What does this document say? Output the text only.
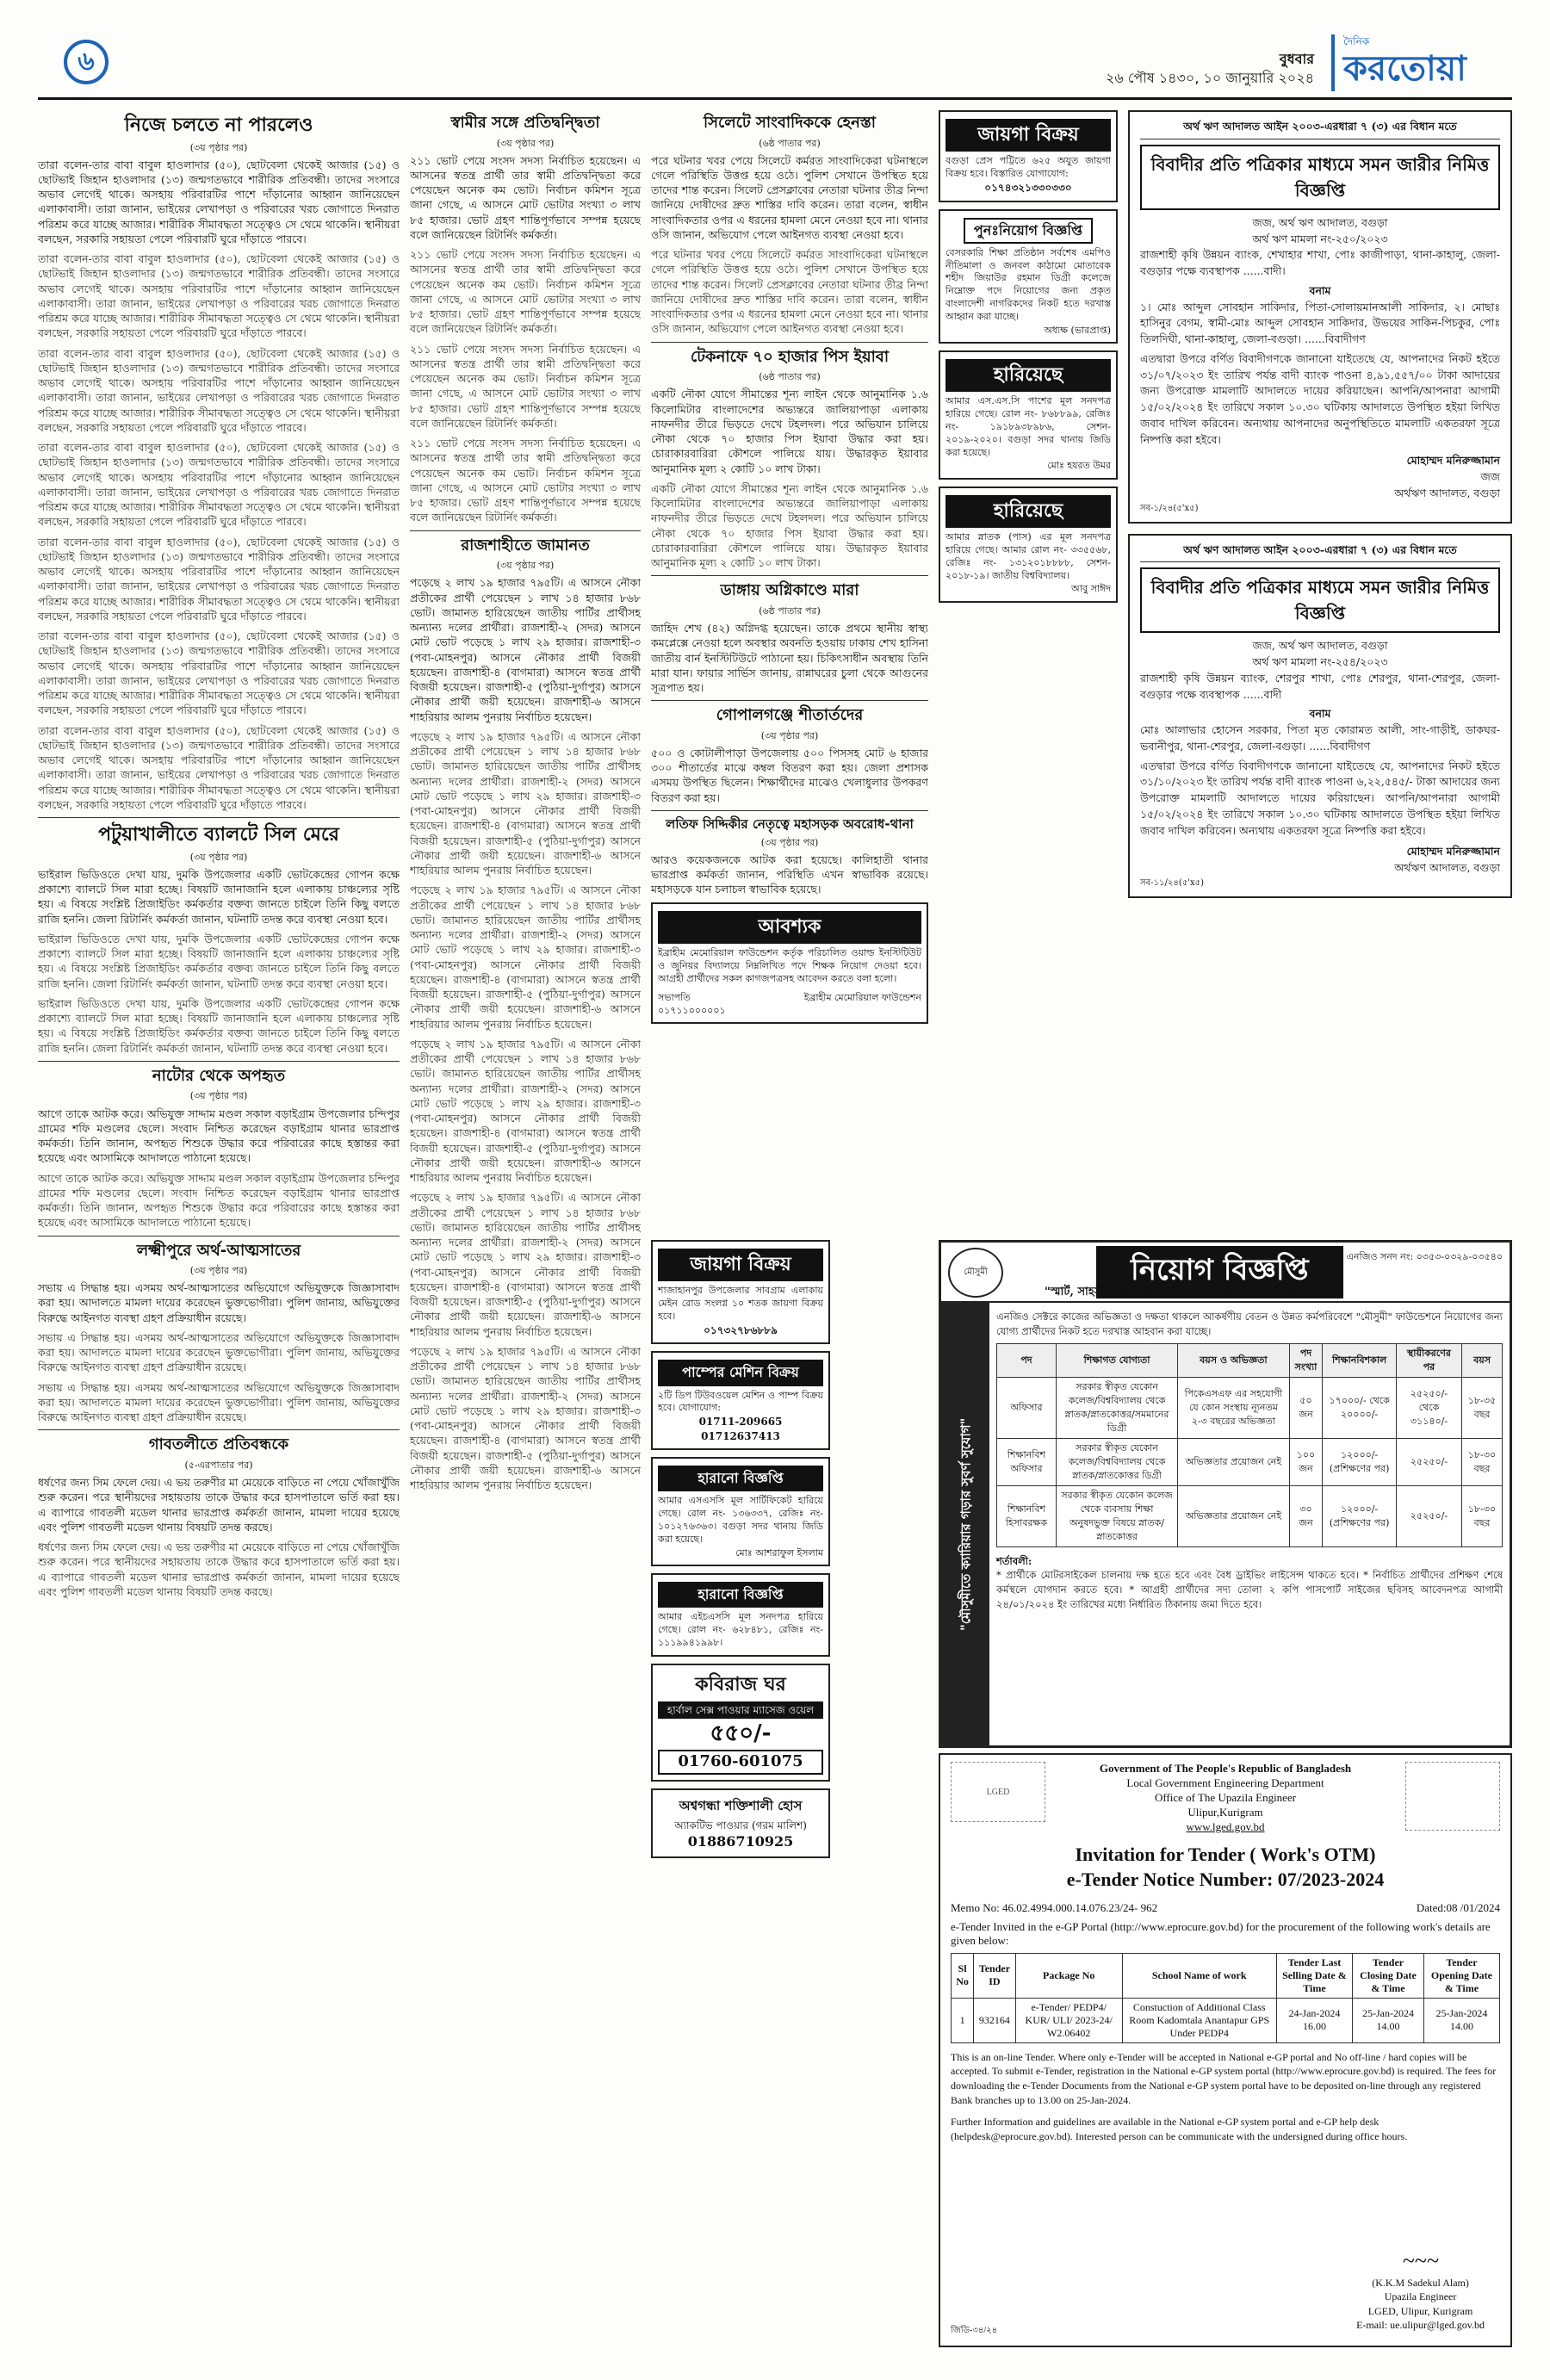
৬	বুধবার
২৬ পৌষ ১৪৩০, ১০ জানুয়ারি ২০২৪
দৈনিক
করতোয়া
নিজে চলতে না পারলেও
(৩য় পৃষ্ঠার পর)
তারা বলেন-তার বাবা বাবুল হাওলাদার (৫০), ছোটবেলা থেকেই আজার (১৫) ও ছোটভাই জিহান হাওলাদার (১৩) জন্মগতভাবে শারীরিক প্রতিবন্ধী। তাদের সংসারে অভাব লেগেই থাকে। অসহায় পরিবারটির পাশে দাঁড়ানোর আহ্বান জানিয়েছেন এলাকাবাসী। তারা জানান, ভাইয়ের লেখাপড়া ও পরিবারের খরচ জোগাতে দিনরাত পরিশ্রম করে যাচ্ছে আজার। শারীরিক সীমাবদ্ধতা সত্ত্বেও সে থেমে থাকেনি। স্থানীয়রা বলছেন, সরকারি সহায়তা পেলে পরিবারটি ঘুরে দাঁড়াতে পারবে।
তারা বলেন-তার বাবা বাবুল হাওলাদার (৫০), ছোটবেলা থেকেই আজার (১৫) ও ছোটভাই জিহান হাওলাদার (১৩) জন্মগতভাবে শারীরিক প্রতিবন্ধী। তাদের সংসারে অভাব লেগেই থাকে। অসহায় পরিবারটির পাশে দাঁড়ানোর আহ্বান জানিয়েছেন এলাকাবাসী। তারা জানান, ভাইয়ের লেখাপড়া ও পরিবারের খরচ জোগাতে দিনরাত পরিশ্রম করে যাচ্ছে আজার। শারীরিক সীমাবদ্ধতা সত্ত্বেও সে থেমে থাকেনি। স্থানীয়রা বলছেন, সরকারি সহায়তা পেলে পরিবারটি ঘুরে দাঁড়াতে পারবে।
তারা বলেন-তার বাবা বাবুল হাওলাদার (৫০), ছোটবেলা থেকেই আজার (১৫) ও ছোটভাই জিহান হাওলাদার (১৩) জন্মগতভাবে শারীরিক প্রতিবন্ধী। তাদের সংসারে অভাব লেগেই থাকে। অসহায় পরিবারটির পাশে দাঁড়ানোর আহ্বান জানিয়েছেন এলাকাবাসী। তারা জানান, ভাইয়ের লেখাপড়া ও পরিবারের খরচ জোগাতে দিনরাত পরিশ্রম করে যাচ্ছে আজার। শারীরিক সীমাবদ্ধতা সত্ত্বেও সে থেমে থাকেনি। স্থানীয়রা বলছেন, সরকারি সহায়তা পেলে পরিবারটি ঘুরে দাঁড়াতে পারবে।
তারা বলেন-তার বাবা বাবুল হাওলাদার (৫০), ছোটবেলা থেকেই আজার (১৫) ও ছোটভাই জিহান হাওলাদার (১৩) জন্মগতভাবে শারীরিক প্রতিবন্ধী। তাদের সংসারে অভাব লেগেই থাকে। অসহায় পরিবারটির পাশে দাঁড়ানোর আহ্বান জানিয়েছেন এলাকাবাসী। তারা জানান, ভাইয়ের লেখাপড়া ও পরিবারের খরচ জোগাতে দিনরাত পরিশ্রম করে যাচ্ছে আজার। শারীরিক সীমাবদ্ধতা সত্ত্বেও সে থেমে থাকেনি। স্থানীয়রা বলছেন, সরকারি সহায়তা পেলে পরিবারটি ঘুরে দাঁড়াতে পারবে।
তারা বলেন-তার বাবা বাবুল হাওলাদার (৫০), ছোটবেলা থেকেই আজার (১৫) ও ছোটভাই জিহান হাওলাদার (১৩) জন্মগতভাবে শারীরিক প্রতিবন্ধী। তাদের সংসারে অভাব লেগেই থাকে। অসহায় পরিবারটির পাশে দাঁড়ানোর আহ্বান জানিয়েছেন এলাকাবাসী। তারা জানান, ভাইয়ের লেখাপড়া ও পরিবারের খরচ জোগাতে দিনরাত পরিশ্রম করে যাচ্ছে আজার। শারীরিক সীমাবদ্ধতা সত্ত্বেও সে থেমে থাকেনি। স্থানীয়রা বলছেন, সরকারি সহায়তা পেলে পরিবারটি ঘুরে দাঁড়াতে পারবে।
তারা বলেন-তার বাবা বাবুল হাওলাদার (৫০), ছোটবেলা থেকেই আজার (১৫) ও ছোটভাই জিহান হাওলাদার (১৩) জন্মগতভাবে শারীরিক প্রতিবন্ধী। তাদের সংসারে অভাব লেগেই থাকে। অসহায় পরিবারটির পাশে দাঁড়ানোর আহ্বান জানিয়েছেন এলাকাবাসী। তারা জানান, ভাইয়ের লেখাপড়া ও পরিবারের খরচ জোগাতে দিনরাত পরিশ্রম করে যাচ্ছে আজার। শারীরিক সীমাবদ্ধতা সত্ত্বেও সে থেমে থাকেনি। স্থানীয়রা বলছেন, সরকারি সহায়তা পেলে পরিবারটি ঘুরে দাঁড়াতে পারবে।
তারা বলেন-তার বাবা বাবুল হাওলাদার (৫০), ছোটবেলা থেকেই আজার (১৫) ও ছোটভাই জিহান হাওলাদার (১৩) জন্মগতভাবে শারীরিক প্রতিবন্ধী। তাদের সংসারে অভাব লেগেই থাকে। অসহায় পরিবারটির পাশে দাঁড়ানোর আহ্বান জানিয়েছেন এলাকাবাসী। তারা জানান, ভাইয়ের লেখাপড়া ও পরিবারের খরচ জোগাতে দিনরাত পরিশ্রম করে যাচ্ছে আজার। শারীরিক সীমাবদ্ধতা সত্ত্বেও সে থেমে থাকেনি। স্থানীয়রা বলছেন, সরকারি সহায়তা পেলে পরিবারটি ঘুরে দাঁড়াতে পারবে।
পটুয়াখালীতে ব্যালটে সিল মেরে
(৩য় পৃষ্ঠার পর)
ভাইরাল ভিডিওতে দেখা যায়, দুমকি উপজেলার একটি ভোটকেন্দ্রের গোপন কক্ষে প্রকাশ্যে ব্যালটে সিল মারা হচ্ছে। বিষয়টি জানাজানি হলে এলাকায় চাঞ্চল্যের সৃষ্টি হয়। এ বিষয়ে সংশ্লিষ্ট প্রিজাইডিং কর্মকর্তার বক্তব্য জানতে চাইলে তিনি কিছু বলতে রাজি হননি। জেলা রিটার্নিং কর্মকর্তা জানান, ঘটনাটি তদন্ত করে ব্যবস্থা নেওয়া হবে।
ভাইরাল ভিডিওতে দেখা যায়, দুমকি উপজেলার একটি ভোটকেন্দ্রের গোপন কক্ষে প্রকাশ্যে ব্যালটে সিল মারা হচ্ছে। বিষয়টি জানাজানি হলে এলাকায় চাঞ্চল্যের সৃষ্টি হয়। এ বিষয়ে সংশ্লিষ্ট প্রিজাইডিং কর্মকর্তার বক্তব্য জানতে চাইলে তিনি কিছু বলতে রাজি হননি। জেলা রিটার্নিং কর্মকর্তা জানান, ঘটনাটি তদন্ত করে ব্যবস্থা নেওয়া হবে।
ভাইরাল ভিডিওতে দেখা যায়, দুমকি উপজেলার একটি ভোটকেন্দ্রের গোপন কক্ষে প্রকাশ্যে ব্যালটে সিল মারা হচ্ছে। বিষয়টি জানাজানি হলে এলাকায় চাঞ্চল্যের সৃষ্টি হয়। এ বিষয়ে সংশ্লিষ্ট প্রিজাইডিং কর্মকর্তার বক্তব্য জানতে চাইলে তিনি কিছু বলতে রাজি হননি। জেলা রিটার্নিং কর্মকর্তা জানান, ঘটনাটি তদন্ত করে ব্যবস্থা নেওয়া হবে।
নাটোর থেকে অপহৃত
(৩য় পৃষ্ঠার পর)
আগে তাকে আটক করে। অভিযুক্ত সাদ্দাম মণ্ডল সকাল বড়াইগ্রাম উপজেলার চন্দিপুর গ্রামের শফি মণ্ডলের ছেলে। সংবাদ নিশ্চিত করেছেন বড়াইগ্রাম থানার ভারপ্রাপ্ত কর্মকর্তা। তিনি জানান, অপহৃত শিশুকে উদ্ধার করে পরিবারের কাছে হস্তান্তর করা হয়েছে এবং আসামিকে আদালতে পাঠানো হয়েছে।
আগে তাকে আটক করে। অভিযুক্ত সাদ্দাম মণ্ডল সকাল বড়াইগ্রাম উপজেলার চন্দিপুর গ্রামের শফি মণ্ডলের ছেলে। সংবাদ নিশ্চিত করেছেন বড়াইগ্রাম থানার ভারপ্রাপ্ত কর্মকর্তা। তিনি জানান, অপহৃত শিশুকে উদ্ধার করে পরিবারের কাছে হস্তান্তর করা হয়েছে এবং আসামিকে আদালতে পাঠানো হয়েছে।
লক্ষ্মীপুরে অর্থ-আত্মসাতের
(৩য় পৃষ্ঠার পর)
সভায় এ সিদ্ধান্ত হয়। এসময় অর্থ-আত্মসাতের অভিযোগে অভিযুক্তকে জিজ্ঞাসাবাদ করা হয়। আদালতে মামলা দায়ের করেছেন ভুক্তভোগীরা। পুলিশ জানায়, অভিযুক্তের বিরুদ্ধে আইনগত ব্যবস্থা গ্রহণ প্রক্রিয়াধীন রয়েছে।
সভায় এ সিদ্ধান্ত হয়। এসময় অর্থ-আত্মসাতের অভিযোগে অভিযুক্তকে জিজ্ঞাসাবাদ করা হয়। আদালতে মামলা দায়ের করেছেন ভুক্তভোগীরা। পুলিশ জানায়, অভিযুক্তের বিরুদ্ধে আইনগত ব্যবস্থা গ্রহণ প্রক্রিয়াধীন রয়েছে।
সভায় এ সিদ্ধান্ত হয়। এসময় অর্থ-আত্মসাতের অভিযোগে অভিযুক্তকে জিজ্ঞাসাবাদ করা হয়। আদালতে মামলা দায়ের করেছেন ভুক্তভোগীরা। পুলিশ জানায়, অভিযুক্তের বিরুদ্ধে আইনগত ব্যবস্থা গ্রহণ প্রক্রিয়াধীন রয়েছে।
গাবতলীতে প্রতিবন্ধকে
(৫-এরপাতার পর)
ধর্ষণের জন্য সিম ফেলে দেয়। এ ভয় তরুণীর মা মেয়েকে বাড়িতে না পেয়ে খোঁজাখুঁজি শুরু করেন। পরে স্থানীয়দের সহায়তায় তাকে উদ্ধার করে হাসপাতালে ভর্তি করা হয়। এ ব্যাপারে গাবতলী মডেল থানার ভারপ্রাপ্ত কর্মকর্তা জানান, মামলা দায়ের হয়েছে এবং পুলিশ গাবতলী মডেল থানায় বিষয়টি তদন্ত করছে।
ধর্ষণের জন্য সিম ফেলে দেয়। এ ভয় তরুণীর মা মেয়েকে বাড়িতে না পেয়ে খোঁজাখুঁজি শুরু করেন। পরে স্থানীয়দের সহায়তায় তাকে উদ্ধার করে হাসপাতালে ভর্তি করা হয়। এ ব্যাপারে গাবতলী মডেল থানার ভারপ্রাপ্ত কর্মকর্তা জানান, মামলা দায়ের হয়েছে এবং পুলিশ গাবতলী মডেল থানায় বিষয়টি তদন্ত করছে।
স্বামীর সঙ্গে প্রতিদ্বন্দ্বিতা
(৩য় পৃষ্ঠার পর)
২১১ ভোট পেয়ে সংসদ সদস্য নির্বাচিত হয়েছেন। এ আসনের স্বতন্ত্র প্রার্থী তার স্বামী প্রতিদ্বন্দ্বিতা করে পেয়েছেন অনেক কম ভোট। নির্বাচন কমিশন সূত্রে জানা গেছে, এ আসনে মোট ভোটার সংখ্যা ৩ লাখ ৮৫ হাজার। ভোট গ্রহণ শান্তিপূর্ণভাবে সম্পন্ন হয়েছে বলে জানিয়েছেন রিটার্নিং কর্মকর্তা।
২১১ ভোট পেয়ে সংসদ সদস্য নির্বাচিত হয়েছেন। এ আসনের স্বতন্ত্র প্রার্থী তার স্বামী প্রতিদ্বন্দ্বিতা করে পেয়েছেন অনেক কম ভোট। নির্বাচন কমিশন সূত্রে জানা গেছে, এ আসনে মোট ভোটার সংখ্যা ৩ লাখ ৮৫ হাজার। ভোট গ্রহণ শান্তিপূর্ণভাবে সম্পন্ন হয়েছে বলে জানিয়েছেন রিটার্নিং কর্মকর্তা।
২১১ ভোট পেয়ে সংসদ সদস্য নির্বাচিত হয়েছেন। এ আসনের স্বতন্ত্র প্রার্থী তার স্বামী প্রতিদ্বন্দ্বিতা করে পেয়েছেন অনেক কম ভোট। নির্বাচন কমিশন সূত্রে জানা গেছে, এ আসনে মোট ভোটার সংখ্যা ৩ লাখ ৮৫ হাজার। ভোট গ্রহণ শান্তিপূর্ণভাবে সম্পন্ন হয়েছে বলে জানিয়েছেন রিটার্নিং কর্মকর্তা।
২১১ ভোট পেয়ে সংসদ সদস্য নির্বাচিত হয়েছেন। এ আসনের স্বতন্ত্র প্রার্থী তার স্বামী প্রতিদ্বন্দ্বিতা করে পেয়েছেন অনেক কম ভোট। নির্বাচন কমিশন সূত্রে জানা গেছে, এ আসনে মোট ভোটার সংখ্যা ৩ লাখ ৮৫ হাজার। ভোট গ্রহণ শান্তিপূর্ণভাবে সম্পন্ন হয়েছে বলে জানিয়েছেন রিটার্নিং কর্মকর্তা।
রাজশাহীতে জামানত
(৩য় পৃষ্ঠার পর)
পড়েছে ২ লাখ ১৯ হাজার ৭৯৫টি। এ আসনে নৌকা প্রতীকের প্রার্থী পেয়েছেন ১ লাখ ১৪ হাজার ৮৬৮ ভোট। জামানত হারিয়েছেন জাতীয় পার্টির প্রার্থীসহ অন্যান্য দলের প্রার্থীরা। রাজশাহী-২ (সদর) আসনে মোট ভোট পড়েছে ১ লাখ ২৯ হাজার। রাজশাহী-৩ (পবা-মোহনপুর) আসনে নৌকার প্রার্থী বিজয়ী হয়েছেন। রাজশাহী-৪ (বাগমারা) আসনে স্বতন্ত্র প্রার্থী বিজয়ী হয়েছেন। রাজশাহী-৫ (পুঠিয়া-দুর্গাপুর) আসনে নৌকার প্রার্থী জয়ী হয়েছেন। রাজশাহী-৬ আসনে শাহরিয়ার আলম পুনরায় নির্বাচিত হয়েছেন।
পড়েছে ২ লাখ ১৯ হাজার ৭৯৫টি। এ আসনে নৌকা প্রতীকের প্রার্থী পেয়েছেন ১ লাখ ১৪ হাজার ৮৬৮ ভোট। জামানত হারিয়েছেন জাতীয় পার্টির প্রার্থীসহ অন্যান্য দলের প্রার্থীরা। রাজশাহী-২ (সদর) আসনে মোট ভোট পড়েছে ১ লাখ ২৯ হাজার। রাজশাহী-৩ (পবা-মোহনপুর) আসনে নৌকার প্রার্থী বিজয়ী হয়েছেন। রাজশাহী-৪ (বাগমারা) আসনে স্বতন্ত্র প্রার্থী বিজয়ী হয়েছেন। রাজশাহী-৫ (পুঠিয়া-দুর্গাপুর) আসনে নৌকার প্রার্থী জয়ী হয়েছেন। রাজশাহী-৬ আসনে শাহরিয়ার আলম পুনরায় নির্বাচিত হয়েছেন।
পড়েছে ২ লাখ ১৯ হাজার ৭৯৫টি। এ আসনে নৌকা প্রতীকের প্রার্থী পেয়েছেন ১ লাখ ১৪ হাজার ৮৬৮ ভোট। জামানত হারিয়েছেন জাতীয় পার্টির প্রার্থীসহ অন্যান্য দলের প্রার্থীরা। রাজশাহী-২ (সদর) আসনে মোট ভোট পড়েছে ১ লাখ ২৯ হাজার। রাজশাহী-৩ (পবা-মোহনপুর) আসনে নৌকার প্রার্থী বিজয়ী হয়েছেন। রাজশাহী-৪ (বাগমারা) আসনে স্বতন্ত্র প্রার্থী বিজয়ী হয়েছেন। রাজশাহী-৫ (পুঠিয়া-দুর্গাপুর) আসনে নৌকার প্রার্থী জয়ী হয়েছেন। রাজশাহী-৬ আসনে শাহরিয়ার আলম পুনরায় নির্বাচিত হয়েছেন।
পড়েছে ২ লাখ ১৯ হাজার ৭৯৫টি। এ আসনে নৌকা প্রতীকের প্রার্থী পেয়েছেন ১ লাখ ১৪ হাজার ৮৬৮ ভোট। জামানত হারিয়েছেন জাতীয় পার্টির প্রার্থীসহ অন্যান্য দলের প্রার্থীরা। রাজশাহী-২ (সদর) আসনে মোট ভোট পড়েছে ১ লাখ ২৯ হাজার। রাজশাহী-৩ (পবা-মোহনপুর) আসনে নৌকার প্রার্থী বিজয়ী হয়েছেন। রাজশাহী-৪ (বাগমারা) আসনে স্বতন্ত্র প্রার্থী বিজয়ী হয়েছেন। রাজশাহী-৫ (পুঠিয়া-দুর্গাপুর) আসনে নৌকার প্রার্থী জয়ী হয়েছেন। রাজশাহী-৬ আসনে শাহরিয়ার আলম পুনরায় নির্বাচিত হয়েছেন।
পড়েছে ২ লাখ ১৯ হাজার ৭৯৫টি। এ আসনে নৌকা প্রতীকের প্রার্থী পেয়েছেন ১ লাখ ১৪ হাজার ৮৬৮ ভোট। জামানত হারিয়েছেন জাতীয় পার্টির প্রার্থীসহ অন্যান্য দলের প্রার্থীরা। রাজশাহী-২ (সদর) আসনে মোট ভোট পড়েছে ১ লাখ ২৯ হাজার। রাজশাহী-৩ (পবা-মোহনপুর) আসনে নৌকার প্রার্থী বিজয়ী হয়েছেন। রাজশাহী-৪ (বাগমারা) আসনে স্বতন্ত্র প্রার্থী বিজয়ী হয়েছেন। রাজশাহী-৫ (পুঠিয়া-দুর্গাপুর) আসনে নৌকার প্রার্থী জয়ী হয়েছেন। রাজশাহী-৬ আসনে শাহরিয়ার আলম পুনরায় নির্বাচিত হয়েছেন।
পড়েছে ২ লাখ ১৯ হাজার ৭৯৫টি। এ আসনে নৌকা প্রতীকের প্রার্থী পেয়েছেন ১ লাখ ১৪ হাজার ৮৬৮ ভোট। জামানত হারিয়েছেন জাতীয় পার্টির প্রার্থীসহ অন্যান্য দলের প্রার্থীরা। রাজশাহী-২ (সদর) আসনে মোট ভোট পড়েছে ১ লাখ ২৯ হাজার। রাজশাহী-৩ (পবা-মোহনপুর) আসনে নৌকার প্রার্থী বিজয়ী হয়েছেন। রাজশাহী-৪ (বাগমারা) আসনে স্বতন্ত্র প্রার্থী বিজয়ী হয়েছেন। রাজশাহী-৫ (পুঠিয়া-দুর্গাপুর) আসনে নৌকার প্রার্থী জয়ী হয়েছেন। রাজশাহী-৬ আসনে শাহরিয়ার আলম পুনরায় নির্বাচিত হয়েছেন।
সিলেটে সাংবাদিককে হেনস্তা
(৬ষ্ঠ পাতার পর)
পরে ঘটনার খবর পেয়ে সিলেটে কর্মরত সাংবাদিকেরা ঘটনাস্থলে গেলে পরিস্থিতি উত্তপ্ত হয়ে ওঠে। পুলিশ সেখানে উপস্থিত হয়ে তাদের শান্ত করেন। সিলেট প্রেসক্লাবের নেতারা ঘটনার তীব্র নিন্দা জানিয়ে দোষীদের দ্রুত শাস্তির দাবি করেন। তারা বলেন, স্বাধীন সাংবাদিকতার ওপর এ ধরনের হামলা মেনে নেওয়া হবে না। থানার ওসি জানান, অভিযোগ পেলে আইনগত ব্যবস্থা নেওয়া হবে।
পরে ঘটনার খবর পেয়ে সিলেটে কর্মরত সাংবাদিকেরা ঘটনাস্থলে গেলে পরিস্থিতি উত্তপ্ত হয়ে ওঠে। পুলিশ সেখানে উপস্থিত হয়ে তাদের শান্ত করেন। সিলেট প্রেসক্লাবের নেতারা ঘটনার তীব্র নিন্দা জানিয়ে দোষীদের দ্রুত শাস্তির দাবি করেন। তারা বলেন, স্বাধীন সাংবাদিকতার ওপর এ ধরনের হামলা মেনে নেওয়া হবে না। থানার ওসি জানান, অভিযোগ পেলে আইনগত ব্যবস্থা নেওয়া হবে।
টেকনাফে ৭০ হাজার পিস ইয়াবা
(৬ষ্ঠ পাতার পর)
একটি নৌকা যোগে সীমান্তের শূন্য লাইন থেকে আনুমানিক ১.৬ কিলোমিটার বাংলাদেশের অভ্যন্তরে জালিয়াপাড়া এলাকায় নাফনদীর তীরে ভিড়তে দেখে টহলদল। পরে অভিযান চালিয়ে নৌকা থেকে ৭০ হাজার পিস ইয়াবা উদ্ধার করা হয়। চোরাকারবারিরা কৌশলে পালিয়ে যায়। উদ্ধারকৃত ইয়াবার আনুমানিক মূল্য ২ কোটি ১০ লাখ টাকা।
একটি নৌকা যোগে সীমান্তের শূন্য লাইন থেকে আনুমানিক ১.৬ কিলোমিটার বাংলাদেশের অভ্যন্তরে জালিয়াপাড়া এলাকায় নাফনদীর তীরে ভিড়তে দেখে টহলদল। পরে অভিযান চালিয়ে নৌকা থেকে ৭০ হাজার পিস ইয়াবা উদ্ধার করা হয়। চোরাকারবারিরা কৌশলে পালিয়ে যায়। উদ্ধারকৃত ইয়াবার আনুমানিক মূল্য ২ কোটি ১০ লাখ টাকা।
ডাঙ্গায় অগ্নিকাণ্ডে মারা
(৬ষ্ঠ পাতার পর)
জাহিদ শেখ (৪২) অগ্নিদগ্ধ হয়েছেন। তাকে প্রথমে স্থানীয় স্বাস্থ্য কমপ্লেক্সে নেওয়া হলে অবস্থার অবনতি হওয়ায় ঢাকায় শেখ হাসিনা জাতীয় বার্ন ইনস্টিটিউটে পাঠানো হয়। চিকিৎসাধীন অবস্থায় তিনি মারা যান। ফায়ার সার্ভিস জানায়, রান্নাঘরের চুলা থেকে আগুনের সূত্রপাত হয়।
গোপালগঞ্জে শীতার্তদের
(৩য় পৃষ্ঠার পর)
৫০০ ও কোটালীপাড়া উপজেলায় ৫০০ পিসসহ মোট ৬ হাজার ৩০০ শীতার্তের মাঝে কম্বল বিতরণ করা হয়। জেলা প্রশাসক এসময় উপস্থিত ছিলেন। শিক্ষার্থীদের মাঝেও খেলাধুলার উপকরণ বিতরণ করা হয়।
লতিফ সিদ্দিকীর নেতৃত্বে মহাসড়ক অবরোধ-থানা
(৩য় পৃষ্ঠার পর)
আরও কয়েকজনকে আটক করা হয়েছে। কালিহাতী থানার ভারপ্রাপ্ত কর্মকর্তা জানান, পরিস্থিতি এখন স্বাভাবিক রয়েছে। মহাসড়কে যান চলাচল স্বাভাবিক হয়েছে।
আবশ্যক
ইব্রাহীম মেমোরিয়াল ফাউন্ডেশন কর্তৃক পরিচালিত ওয়াল্ড ইনস্টিটিউট ও জুনিয়র বিদ্যালয়ে নিম্নলিখিত পদে শিক্ষক নিয়োগ দেওয়া হবে। আগ্রহী প্রার্থীদের সকল কাগজপত্রসহ আবেদন করতে বলা হলো।
সভাপতি	ইব্রাহীম মেমোরিয়াল ফাউন্ডেশন
০১৭১১০০০০০১
জায়গা বিক্রয়
বগুড়া প্রেস পট্টিতে ৬২৫ অযুত জায়গা বিক্রয় হবে। বিস্তারিত যোগাযোগ:
০১৭৪৩২১৩৩০৩৩০
পুনঃনিয়োগ বিজ্ঞপ্তি
বেসরকারি শিক্ষা প্রতিষ্ঠান সর্বশেষ এমপিও নীতিমালা ও জনবল কাঠামো মোতাবেক শহীদ জিয়াউর রহমান ডিগ্রী কলেজে নিম্নোক্ত পদে নিয়োগের জন্য প্রকৃত বাংলাদেশী নাগরিকদের নিকট হতে দরখাস্ত আহ্বান করা যাচ্ছে।
অধ্যক্ষ (ভারপ্রাপ্ত)
হারিয়েছে
আমার এস.এস.সি পাশের মূল সনদপত্র হারিয়ে গেছে। রোল নং- ৮৬৮৮৯৯, রেজিঃ নং- ১৯১৮৯৩৮৯৮৬, সেশন- ২০১৯-২০২০। বগুড়া সদর থানায় জিডি করা হয়েছে।
মোঃ হযরত উমর
হারিয়েছে
আমার স্নাতক (পাস) এর মূল সনদপত্র হারিয়ে গেছে। আমার রোল নং- ৩৩৫৫৬৮, রেজিঃ নং- ১৩১২০১৮৮৮৮, সেশন- ২০১৮-১৯। জাতীয় বিশ্ববিদ্যালয়।
আবু সাঈদ
জায়গা বিক্রয়
শাজাহানপুর উপজেলার সাবগ্রাম এলাকায় মেইন রোড সংলগ্ন ১০ শতক জায়গা বিক্রয় হবে।
০১৭৩২৭৮৬৮৮৯
পাম্পের মেশিন বিক্রয়
২টি ডিপ টিউবওয়েল মেশিন ও পাম্প বিক্রয় হবে। যোগাযোগ:
01711-209665
01712637413
হারানো বিজ্ঞপ্তি
আমার এসএসসি মূল সার্টিফিকেট হারিয়ে গেছে। রোল নং- ১৩৬৩৩৭, রেজিঃ নং- ১০১২৭৬৩৬৩। বগুড়া সদর থানায় জিডি করা হয়েছে।
মোঃ আশরাফুল ইসলাম
হারানো বিজ্ঞপ্তি
আমার এইচএসসি মূল সনদপত্র হারিয়ে গেছে। রোল নং- ৬২৮৪৮১, রেজিঃ নং- ১১১৯৯৪১৯৯৮।
কবিরাজ ঘর
হার্বাল সেক্স পাওয়ার ম্যাসেজ ওয়েল
৫৫০/-
01760-601075
অশ্বগন্ধা শক্তিশালী হোস
অ্যাকটিভ পাওয়ার (গরম মালিশ)
01886710925
অর্থ ঋণ আদালত আইন ২০০৩-এরধারা ৭ (৩) এর বিধান মতে
বিবাদীর প্রতি পত্রিকার মাধ্যমে সমন জারীর নিমিত্ত বিজ্ঞপ্তি
জজ, অর্থ ঋণ আদালত, বগুড়া
অর্থ ঋণ মামলা নং-২৫০/২০২৩

রাজশাহী কৃষি উন্নয়ন ব্যাংক, শেখাহার শাখা, পোঃ কাজীপাড়া, থানা-কাহালু, জেলা-বগুড়ার পক্ষে ব্যবস্থাপক ......বাদী।

বনাম

১। মোঃ আব্দুল সোবহান সাকিদার, পিতা-সোলায়মানআলী সাকিদার, ২। মোছাঃ হাসিনুর বেগম, স্বামী-মোঃ আব্দুল সোবহান সাকিদার, উভয়ের সাকিন-পিচকুর, পোঃ তিলদিঘী, থানা-কাহালু, জেলা-বগুড়া। ......বিবাদীগণ

এতদ্বারা উপরে বর্ণিত বিবাদীগণকে জানানো যাইতেছে যে, আপনাদের নিকট হইতে ৩১/০৭/২০২৩ ইং তারিখ পর্যন্ত বাদী ব্যাংক পাওনা ৪,৯১,৫৫৭/০০ টাকা আদায়ের জন্য উপরোক্ত মামলাটি আদালতে দায়ের করিয়াছেন। আপনি/আপনারা আগামী ১৫/০২/২০২৪ ইং তারিখে সকাল ১০.৩০ ঘটিকায় আদালতে উপস্থিত হইয়া লিখিত জবাব দাখিল করিবেন। অন্যথায় আপনাদের অনুপস্থিতিতে মামলাটি একতরফা সূত্রে নিষ্পত্তি করা হইবে।

মোহাম্মদ মনিরুজ্জামান
জজ
অর্থঋণ আদালত, বগুড়া
সব-১/২৪(৫'x৫)
অর্থ ঋণ আদালত আইন ২০০৩-এরধারা ৭ (৩) এর বিধান মতে
বিবাদীর প্রতি পত্রিকার মাধ্যমে সমন জারীর নিমিত্ত বিজ্ঞপ্তি
জজ, অর্থ ঋণ আদালত, বগুড়া
অর্থ ঋণ মামলা নং-২৫৪/২০২৩

রাজশাহী কৃষি উন্নয়ন ব্যাংক, শেরপুর শাখা, পোঃ শেরপুর, থানা-শেরপুর, জেলা-বগুড়ার পক্ষে ব্যবস্থাপক ......বাদী

বনাম

মোঃ আলাভার হোসেন সরকার, পিতা মৃত কোরামত আলী, সাং-গাড়ীই, ডাকঘর-ভবানীপুর, থানা-শেরপুর, জেলা-বগুড়া। ......বিবাদীগণ

এতদ্বারা উপরে বর্ণিত বিবাদীগণকে জানানো যাইতেছে যে, আপনাদের নিকট হইতে ৩১/১০/২০২৩ ইং তারিখ পর্যন্ত বাদী ব্যাংক পাওনা ৬,২২,৫৪৫/- টাকা আদায়ের জন্য উপরোক্ত মামলাটি আদালতে দায়ের করিয়াছেন। আপনি/আপনারা আগামী ১৫/০২/২০২৪ ইং তারিখে সকাল ১০.৩০ ঘটিকায় আদালতে উপস্থিত হইয়া লিখিত জবাব দাখিল করিবেন। অন্যথায় একতরফা সূত্রে নিষ্পত্তি করা হইবে।

মোহাম্মদ মনিরুজ্জামান
অর্থঋণ আদালত, বগুড়া
সব-১১/২৪(৫'x৫)
মৌসুমী	নিয়োগ বিজ্ঞপ্তি	এনজিও সনদ নং: ০৩৫৩-০৩২৯-০৩৫৪০
"স্মার্ট, সাহসী এবং গতিশীলদের জন্য চাকরির সুবর্ণ সুযোগ"
"মৌসুমীতে ক্যারিয়ার গড়ার সুবর্ণ সুযোগ"
এনজিও সেক্টরে কাজের অভিজ্ঞতা ও দক্ষতা থাকলে আকর্ষণীয় বেতন ও উন্নত কর্মপরিবেশে "মৌসুমী" ফাউন্ডেশনে নিয়োগের জন্য যোগ্য প্রার্থীদের নিকট হতে দরখাস্ত আহবান করা যাচ্ছে।
পদ	শিক্ষাগত যোগ্যতা	বয়স ও অভিজ্ঞতা	পদ সংখ্যা	শিক্ষানবিশকাল	স্থায়ীকরণের পর	বয়স
অফিসার	সরকার স্বীকৃত যেকোন কলেজ/বিশ্ববিদ্যালয় থেকে স্নাতক/স্নাতকোত্তর/সমমানের ডিগ্রী	পিকেএসএফ এর সহযোগী যে কোন সংস্থায় ন্যূনতম ২-৩ বছরের অভিজ্ঞতা	৫০ জন	১৭০০০/- থেকে ২০০০০/-	২৫২৫০/- থেকে ৩১১৪০/-	১৮-৩৫ বছর
শিক্ষানবিশ অফিসার	সরকার স্বীকৃত যেকোন কলেজ/বিশ্ববিদ্যালয় থেকে স্নাতক/স্নাতকোত্তর ডিগ্রী	অভিজ্ঞতার প্রয়োজন নেই	১০০ জন	১২০০০/- (প্রশিক্ষণের পর)	২৫২৫০/-	১৮-৩০ বছর
শিক্ষানবিশ হিসাবরক্ষক	সরকার স্বীকৃত যেকোন কলেজ থেকে ব্যবসায় শিক্ষা অনুষদভুক্ত বিষয়ে স্নাতক/স্নাতকোত্তর	অভিজ্ঞতার প্রয়োজন নেই	৩০ জন	১২০০০/- (প্রশিক্ষণের পর)	২৫২৫০/-	১৮-৩০ বছর
শর্তাবলী:
* প্রার্থীকে মোটরসাইকেল চালনায় দক্ষ হতে হবে এবং বৈধ ড্রাইভিং লাইসেন্স থাকতে হবে। * নির্বাচিত প্রার্থীদের প্রশিক্ষণ শেষে কর্মস্থলে যোগদান করতে হবে। * আগ্রহী প্রার্থীদের সদ্য তোলা ২ কপি পাসপোর্ট সাইজের ছবিসহ আবেদনপত্র আগামী ২৪/০১/২০২৪ ইং তারিখের মধ্যে নির্ধারিত ঠিকানায় জমা দিতে হবে।
LGED
Government of The People's Republic of Bangladesh
Local Government Engineering Department
Office of The Upazila Engineer
Ulipur,Kurigram
www.lged.gov.bd
Invitation for Tender ( Work's OTM)
e-Tender Notice Number: 07/2023-2024
Memo No: 46.02.4994.000.14.076.23/24- 962	Dated:08 /01/2024
e-Tender Invited in the e-GP Portal (http://www.eprocure.gov.bd) for the procurement of the following work's details are given below:
Sl No	Tender ID	Package No	School Name of work	Tender Last Selling Date & Time	Tender Closing Date & Time	Tender Opening Date & Time
1	932164	e-Tender/ PEDP4/ KUR/ ULI/ 2023-24/ W2.06402	Constuction of Additional Class Room Kadomtala Anantapur GPS Under PEDP4	24-Jan-2024 16.00	25-Jan-2024 14.00	25-Jan-2024 14.00
This is an on-line Tender. Where only e-Tender will be accepted in National e-GP portal and No off-line / hard copies will be accepted. To submit e-Tender, registration in the National e-GP system portal (http://www.eprocure.gov.bd) is required. The fees for downloading the e-Tender Documents from the National e-GP system portal have to be deposited on-line through any registered Bank branches up to 13.00 on 25-Jan-2024.
Further Information and guidelines are available in the National e-GP system portal and e-GP help desk (helpdesk@eprocure.gov.bd). Interested person can be communicate with the undersigned during office hours.
~~~
(K.K.M Sadekul Alam)
Upazila Engineer
LGED, Ulipur, Kurigram
E-mail: ue.ulipur@lged.gov.bd
জিডি-৩৪/২৪
